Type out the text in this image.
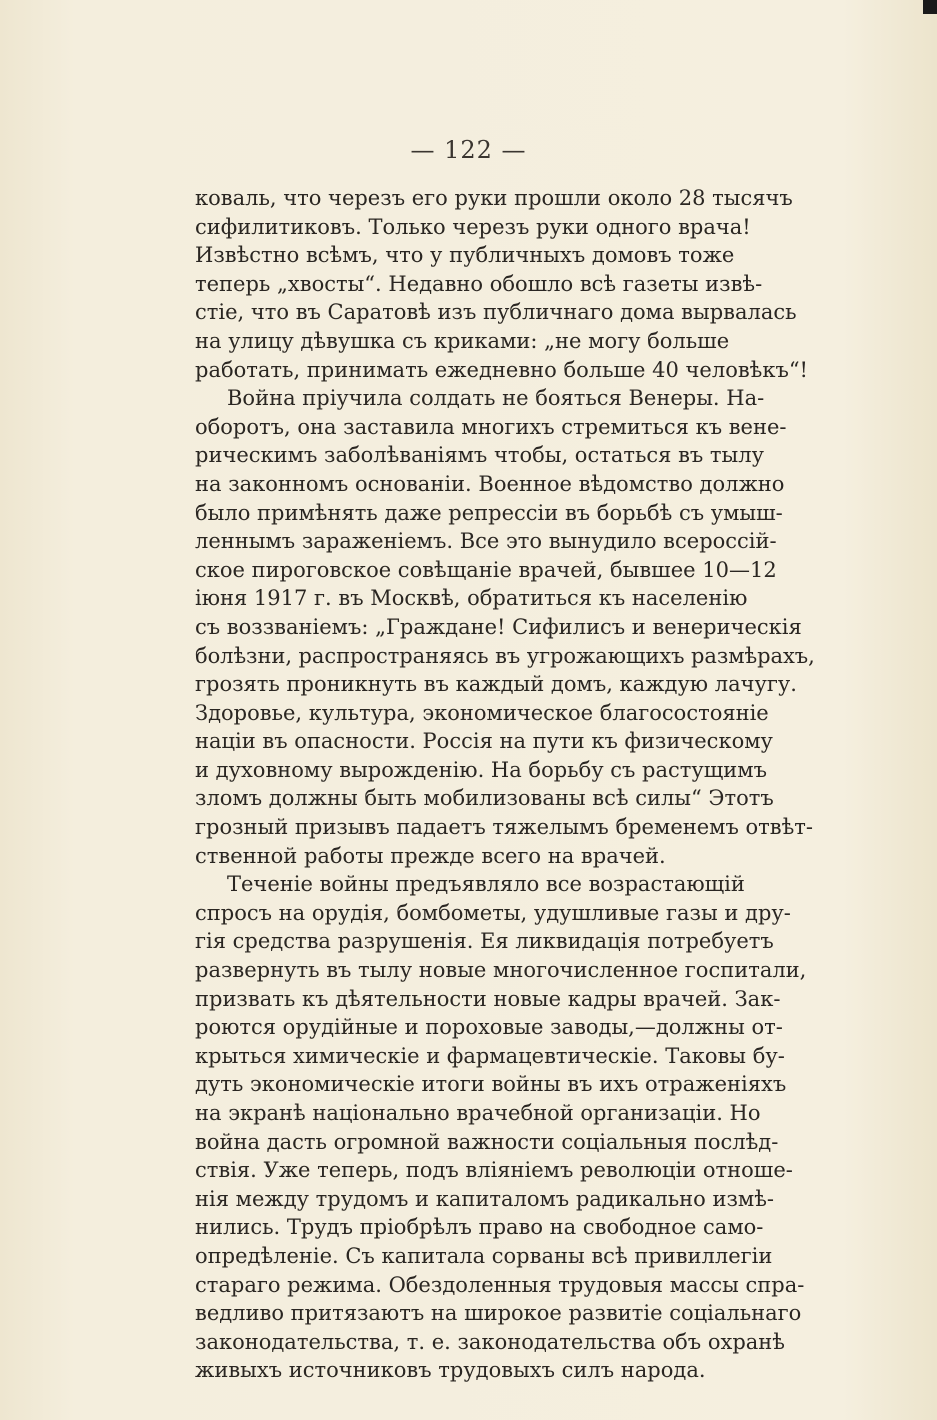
— 122 —
коваль, что черезъ его руки прошли около 28 тысячъ
сифилитиковъ. Только черезъ руки одного врача!
Извѣстно всѣмъ, что у публичныхъ домовъ тоже
теперь „хвосты“. Недавно обошло всѣ газеты извѣ-
стіе, что въ Саратовѣ изъ публичнаго дома вырвалась
на улицу дѣвушка съ криками: „не могу больше
работать, принимать ежедневно больше 40 человѣкъ“!
Война пріучила солдать не бояться Венеры. На-
оборотъ, она заставила многихъ стремиться къ вене-
рическимъ заболѣваніямъ чтобы, остаться въ тылу
на законномъ основаніи. Военное вѣдомство должно
было примѣнять даже репрессіи въ борьбѣ съ умыш-
леннымъ зараженіемъ. Все это вынудило всероссій-
ское пироговское совѣщаніе врачей, бывшее 10—12
іюня 1917 г. въ Москвѣ, обратиться къ населенію
съ воззваніемъ: „Граждане! Сифилисъ и венерическія
болѣзни, распространяясь въ угрожающихъ размѣрахъ,
грозять проникнуть въ каждый домъ, каждую лачугу.
Здоровье, культура, экономическое благосостояніе
націи въ опасности. Россія на пути къ физическому
и духовному вырожденію. На борьбу съ растущимъ
зломъ должны быть мобилизованы всѣ силы“ Этотъ
грозный призывъ падаетъ тяжелымъ бременемъ отвѣт-
ственной работы прежде всего на врачей.
Теченіе войны предъявляло все возрастающій
спросъ на орудія, бомбометы, удушливые газы и дру-
гія средства разрушенія. Ея ликвидація потребуетъ
развернуть въ тылу новые многочисленное госпитали,
призвать къ дѣятельности новые кадры врачей. Зак-
роются орудійные и пороховые заводы,—должны от-
крыться химическіе и фармацевтическіе. Таковы бу-
дуть экономическіе итоги войны въ ихъ отраженіяхъ
на экранѣ національно врачебной организаціи. Но
война дасть огромной важности соціальныя послѣд-
ствія. Уже теперь, подъ вліяніемъ революціи отноше-
нія между трудомъ и капиталомъ радикально измѣ-
нились. Трудъ пріобрѣлъ право на свободное само-
опредѣленіе. Съ капитала сорваны всѣ привиллегіи
стараго режима. Обездоленныя трудовыя массы спра-
ведливо притязаютъ на широкое развитіе соціальнаго
законодательства, т. е. законодательства объ охранѣ
живыхъ источниковъ трудовыхъ силъ народа.
